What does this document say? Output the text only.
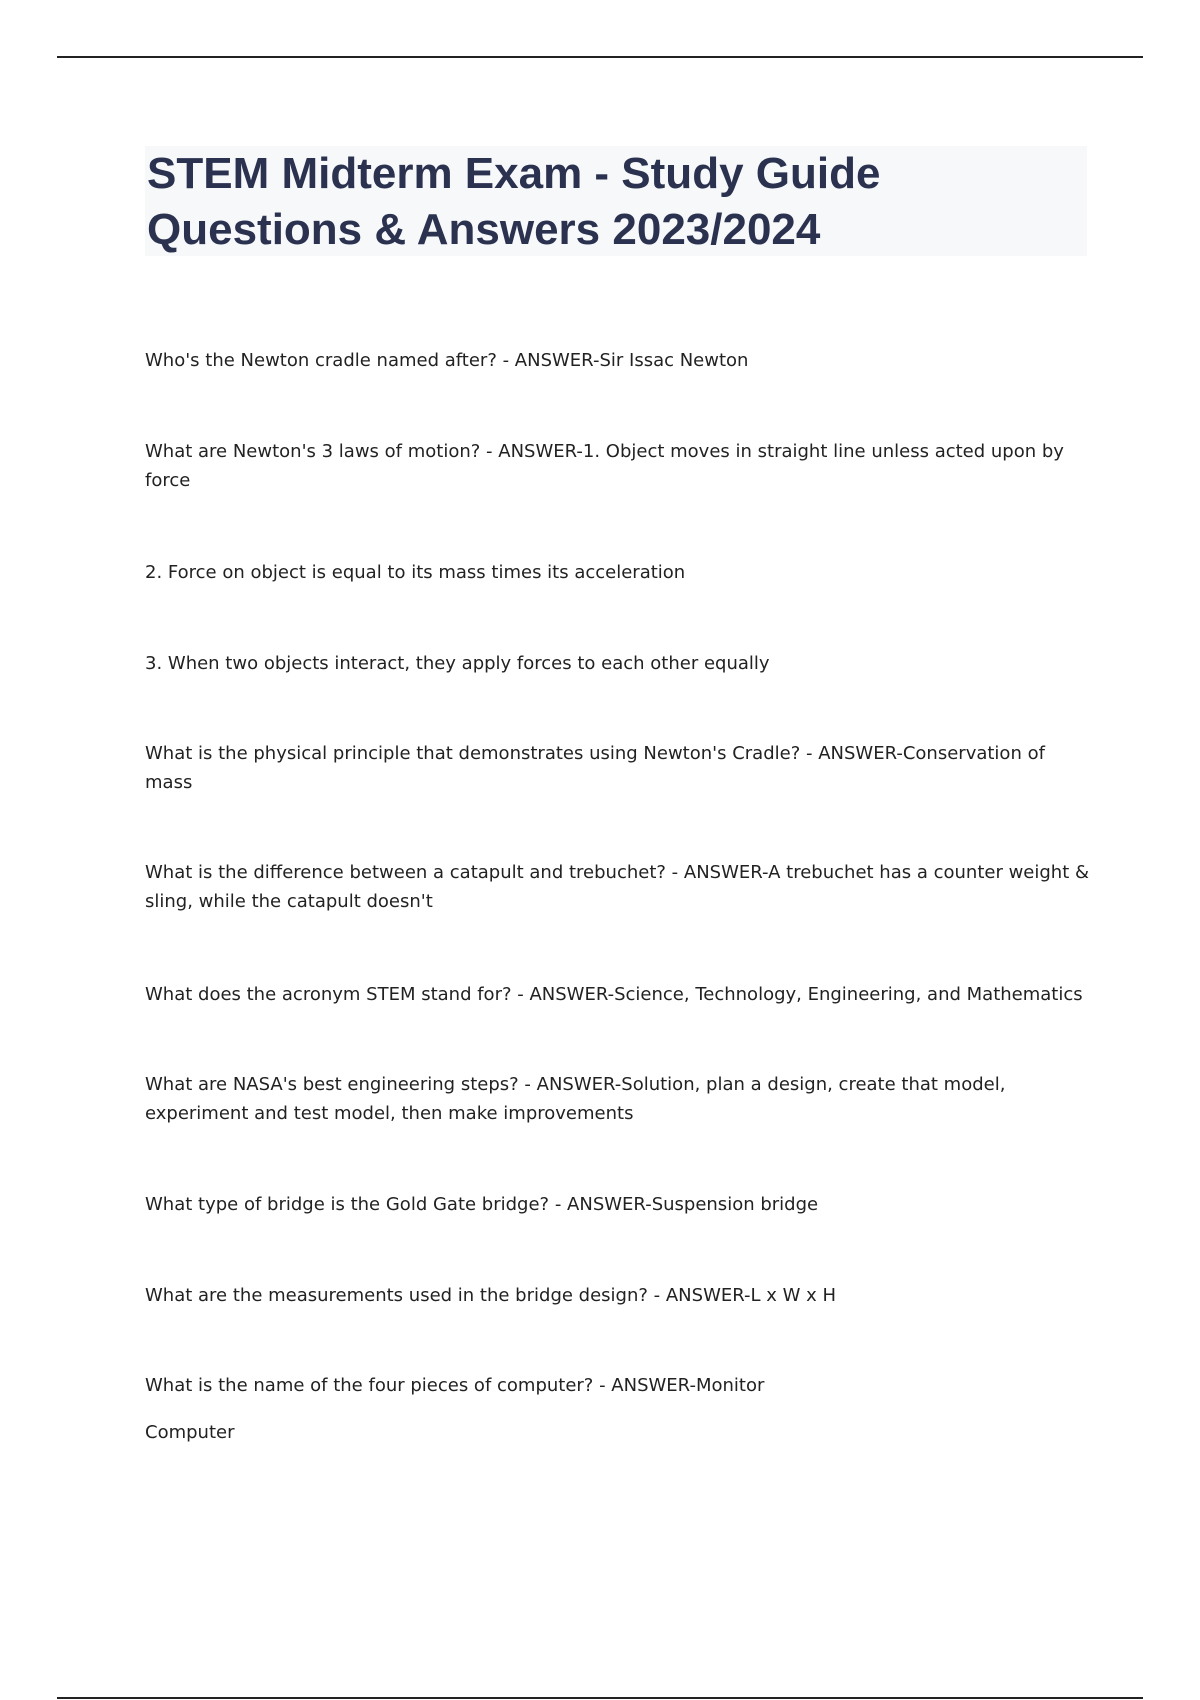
STEM Midterm Exam - Study Guide
Questions & Answers 2023/2024

Who's the Newton cradle named after? - ANSWER-Sir Issac Newton

What are Newton's 3 laws of motion? - ANSWER-1. Object moves in straight line unless acted upon by force

2. Force on object is equal to its mass times its acceleration

3. When two objects interact, they apply forces to each other equally

What is the physical principle that demonstrates using Newton's Cradle? - ANSWER-Conservation of mass

What is the difference between a catapult and trebuchet? - ANSWER-A trebuchet has a counter weight & sling, while the catapult doesn't

What does the acronym STEM stand for? - ANSWER-Science, Technology, Engineering, and Mathematics

What are NASA's best engineering steps? - ANSWER-Solution, plan a design, create that model, experiment and test model, then make improvements

What type of bridge is the Gold Gate bridge? - ANSWER-Suspension bridge

What are the measurements used in the bridge design? - ANSWER-L x W x H

What is the name of the four pieces of computer? - ANSWER-Monitor

Computer
